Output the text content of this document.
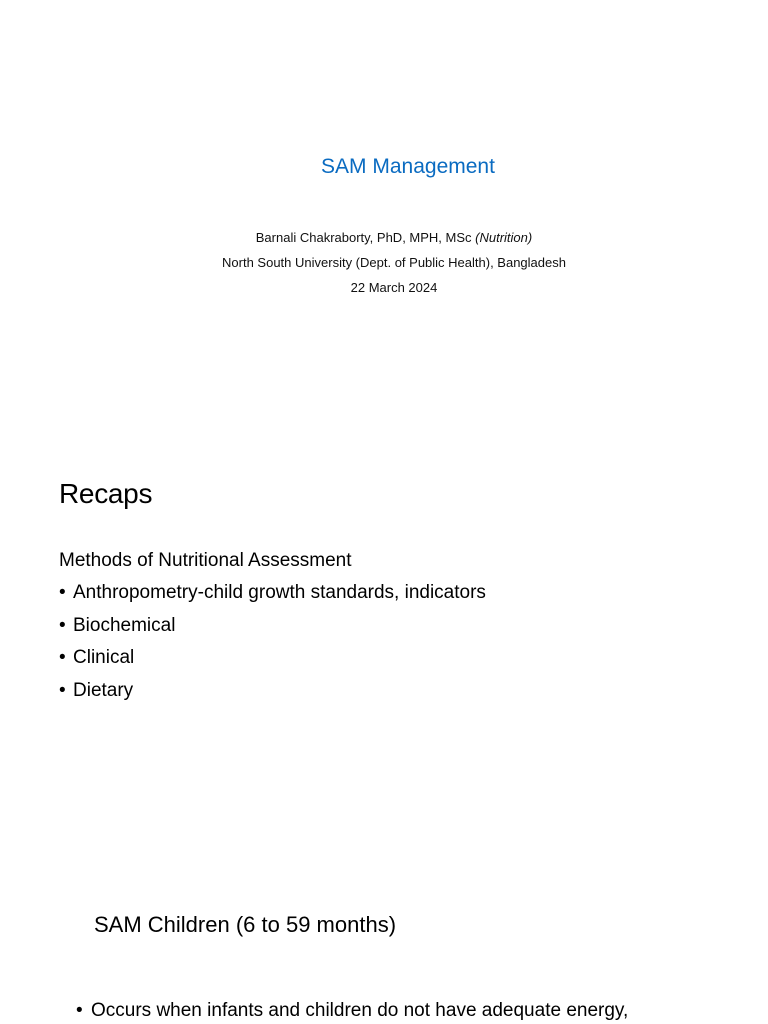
SAM Management
Barnali Chakraborty, PhD, MPH, MSc (Nutrition)
North South University (Dept. of Public Health), Bangladesh
22 March 2024
Recaps
Methods of Nutritional Assessment
• Anthropometry-child growth standards, indicators
• Biochemical
• Clinical
• Dietary
SAM Children (6 to 59 months)
• Occurs when infants and children do not have adequate energy,
